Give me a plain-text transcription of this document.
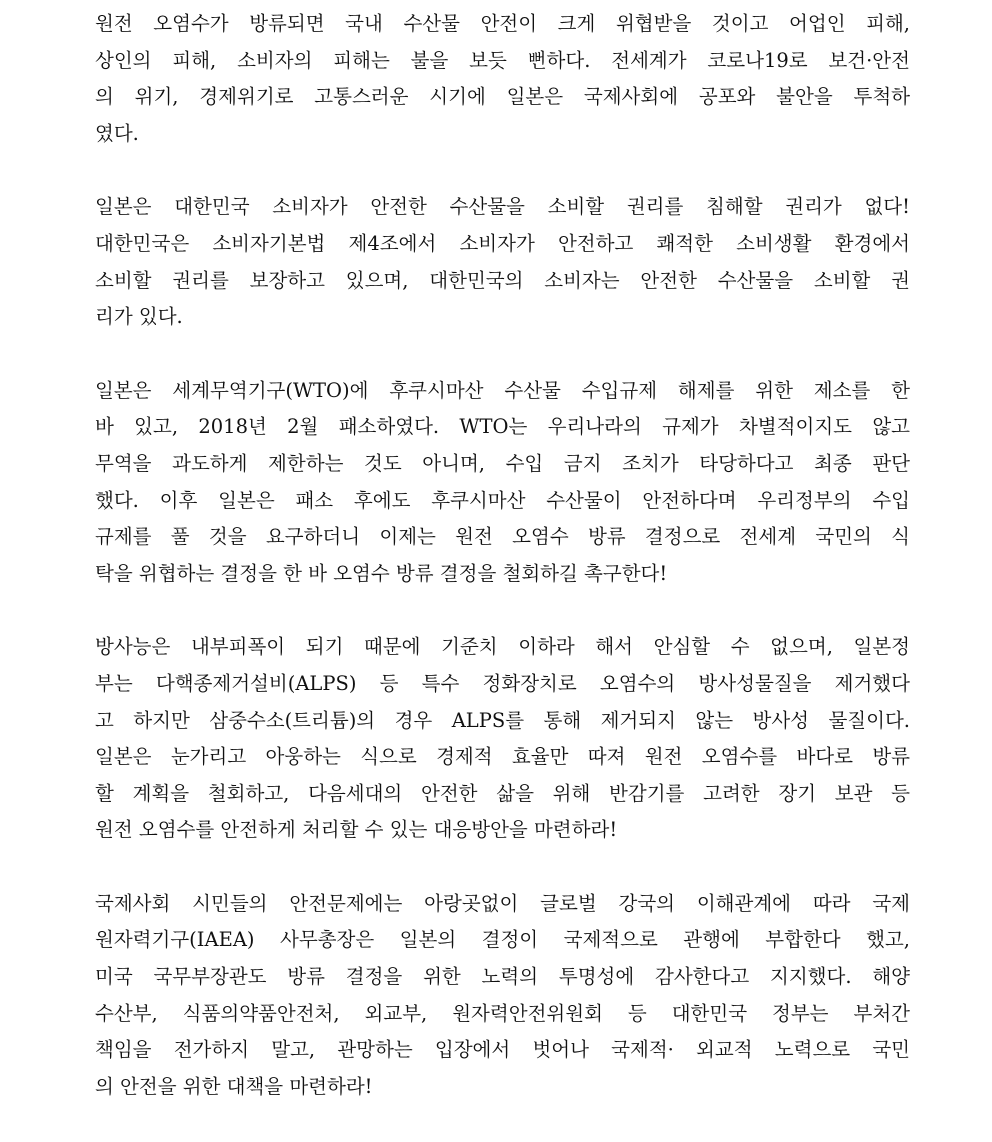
원전 오염수가 방류되면 국내 수산물 안전이 크게 위협받을 것이고 어업인 피해,
상인의 피해, 소비자의 피해는 불을 보듯 뻔하다. 전세계가 코로나19로 보건·안전
의 위기, 경제위기로 고통스러운 시기에 일본은 국제사회에 공포와 불안을 투척하
였다.
일본은 대한민국 소비자가 안전한 수산물을 소비할 권리를 침해할 권리가 없다!
대한민국은 소비자기본법 제4조에서 소비자가 안전하고 쾌적한 소비생활 환경에서
소비할 권리를 보장하고 있으며, 대한민국의 소비자는 안전한 수산물을 소비할 권
리가 있다.
일본은 세계무역기구(WTO)에 후쿠시마산 수산물 수입규제 해제를 위한 제소를 한
바 있고, 2018년 2월 패소하였다. WTO는 우리나라의 규제가 차별적이지도 않고
무역을 과도하게 제한하는 것도 아니며, 수입 금지 조치가 타당하다고 최종 판단
했다. 이후 일본은 패소 후에도 후쿠시마산 수산물이 안전하다며 우리정부의 수입
규제를 풀 것을 요구하더니 이제는 원전 오염수 방류 결정으로 전세계 국민의 식
탁을 위협하는 결정을 한 바 오염수 방류 결정을 철회하길 촉구한다!
방사능은 내부피폭이 되기 때문에 기준치 이하라 해서 안심할 수 없으며, 일본정
부는 다핵종제거설비(ALPS) 등 특수 정화장치로 오염수의 방사성물질을 제거했다
고 하지만 삼중수소(트리튬)의 경우 ALPS를 통해 제거되지 않는 방사성 물질이다.
일본은 눈가리고 아웅하는 식으로 경제적 효율만 따져 원전 오염수를 바다로 방류
할 계획을 철회하고, 다음세대의 안전한 삶을 위해 반감기를 고려한 장기 보관 등
원전 오염수를 안전하게 처리할 수 있는 대응방안을 마련하라!
국제사회 시민들의 안전문제에는 아랑곳없이 글로벌 강국의 이해관계에 따라 국제
원자력기구(IAEA) 사무총장은 일본의 결정이 국제적으로 관행에 부합한다 했고,
미국 국무부장관도 방류 결정을 위한 노력의 투명성에 감사한다고 지지했다. 해양
수산부, 식품의약품안전처, 외교부, 원자력안전위원회 등 대한민국 정부는 부처간
책임을 전가하지 말고, 관망하는 입장에서 벗어나 국제적· 외교적 노력으로 국민
의 안전을 위한 대책을 마련하라!
